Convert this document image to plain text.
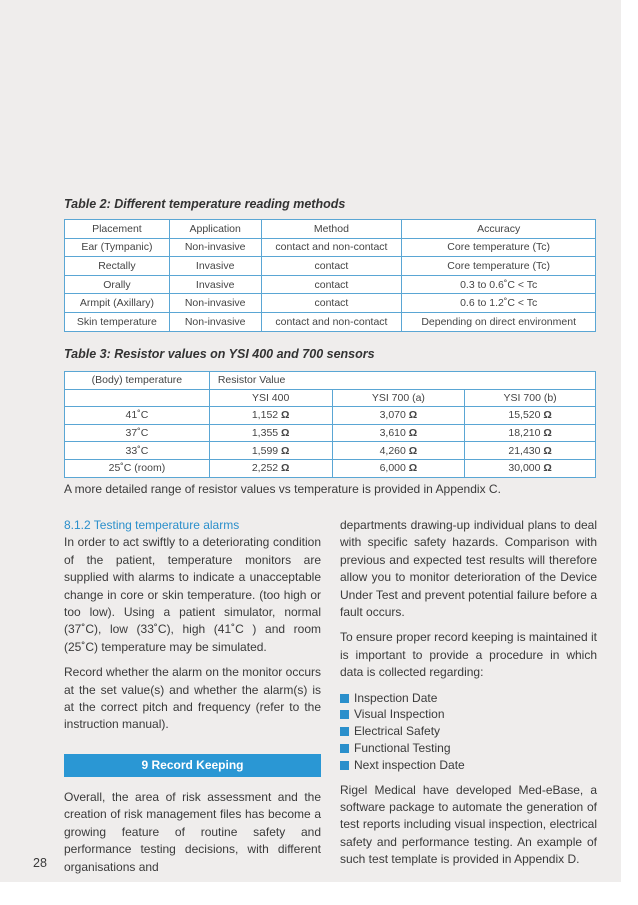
Table 2: Different temperature reading methods
Placement	Application	Method	Accuracy
Ear (Tympanic)	Non-invasive	contact and non-contact	Core temperature (Tc)
Rectally	Invasive	contact	Core temperature (Tc)
Orally	Invasive	contact	0.3 to 0.6˚C < Tc
Armpit (Axillary)	Non-invasive	contact	0.6 to 1.2˚C < Tc
Skin temperature	Non-invasive	contact and non-contact	Depending on direct environment
Table 3: Resistor values on YSI 400 and 700 sensors
(Body) temperature	Resistor Value		
	YSI 400	YSI 700 (a)	YSI 700 (b)
41˚C	1,152 Ω	3,070 Ω	15,520 Ω
37˚C	1,355 Ω	3,610 Ω	18,210 Ω
33˚C	1,599 Ω	4,260 Ω	21,430 Ω
25˚C (room)	2,252 Ω	6,000 Ω	30,000 Ω
A more detailed range of resistor values vs temperature is provided in Appendix C.
8.1.2 Testing temperature alarms

In order to act swiftly to a deteriorating condition of the patient, temperature monitors are supplied with alarms to indicate a unacceptable change in core or skin temperature. (too high or too low). Using a patient simulator, normal (37˚C), low (33˚C), high (41˚C ) and room (25˚C) temperature may be simulated.

Record whether the alarm on the monitor occurs at the set value(s) and whether the alarm(s) is at the correct pitch and frequency (refer to the instruction manual).

9 Record Keeping

Overall, the area of risk assessment and the creation of risk management files has become a growing feature of routine safety and performance testing decisions, with different organisations and

departments drawing-up individual plans to deal with specific safety hazards. Comparison with previous and expected test results will therefore allow you to monitor deterioration of the Device Under Test and prevent potential failure before a fault occurs.

To ensure proper record keeping is maintained it is important to provide a procedure in which data is collected regarding:

Inspection Date
Visual Inspection
Electrical Safety
Functional Testing
Next inspection Date

Rigel Medical have developed Med-eBase, a software package to automate the generation of test reports including visual inspection, electrical safety and performance testing. An example of such test template is provided in Appendix D.

28
